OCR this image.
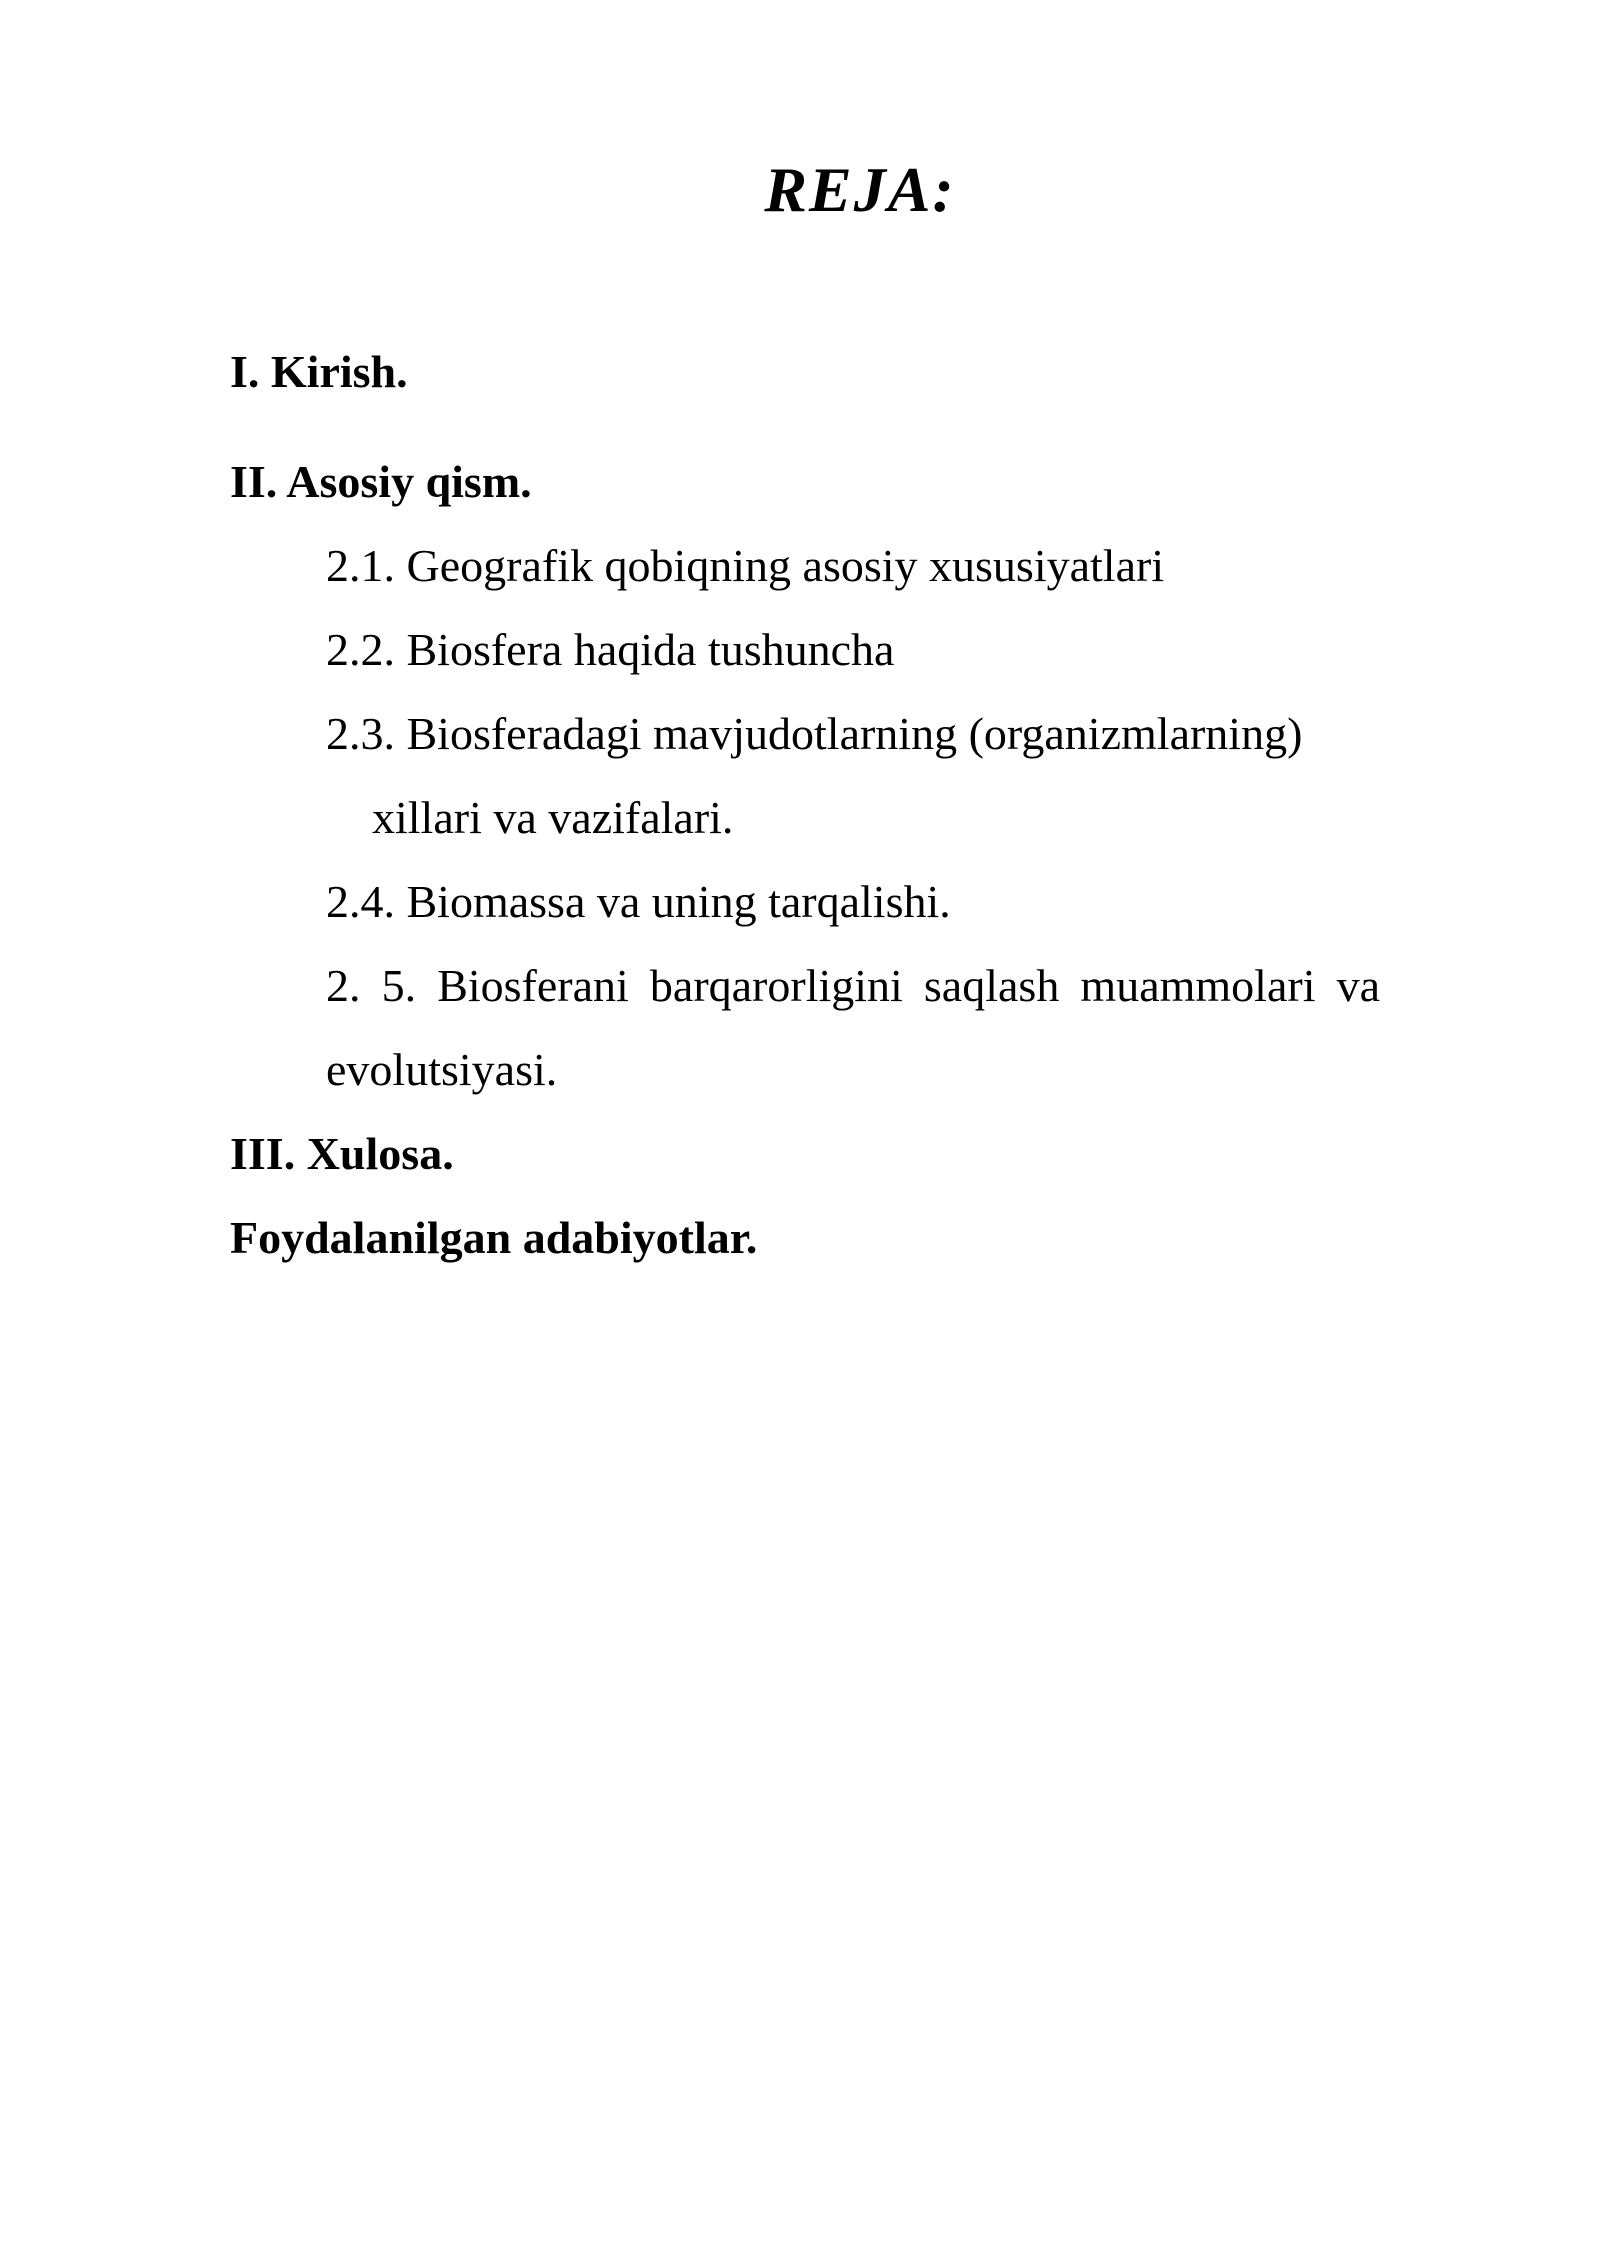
REJA:
I. Kirish.
II. Asosiy qism.
2.1. Geografik qobiqning asosiy xususiyatlari
2.2. Biosfera haqida tushuncha
2.3. Biosferadagi mavjudotlarning (organizmlarning)
xillari va vazifalari.
2.4. Biomassa va uning tarqalishi.
2. 5. Biosferani barqarorligini saqlash muammolari va
evolutsiyasi.
III. Xulosa.
Foydalanilgan adabiyotlar.
